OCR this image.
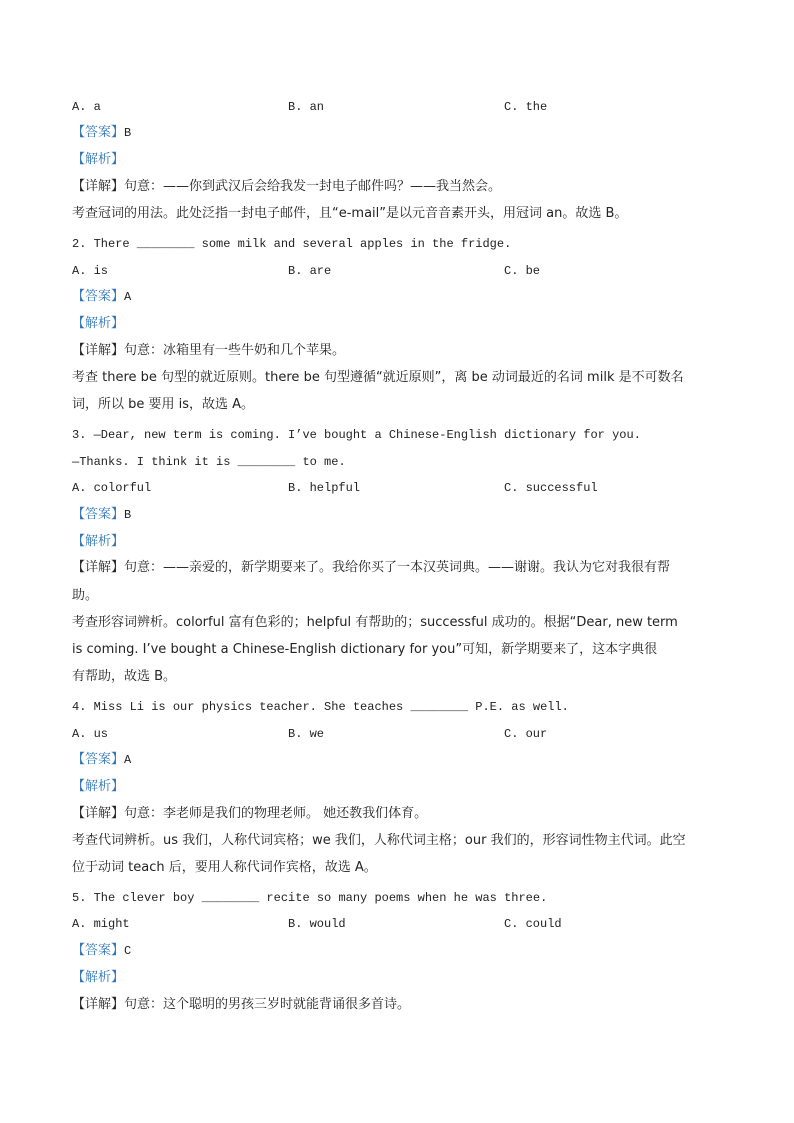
A. a	B. an	C. the
【答案】B
【解析】
【详解】句意：——你到武汉后会给我发一封电子邮件吗？——我当然会。
考查冠词的用法。此处泛指一封电子邮件，且“e-mail”是以元音音素开头，用冠词 an。故选 B。
2. There ________ some milk and several apples in the fridge.
A. is	B. are	C. be
【答案】A
【解析】
【详解】句意：冰箱里有一些牛奶和几个苹果。
考查 there be 句型的就近原则。there be 句型遵循“就近原则”，离 be 动词最近的名词 milk 是不可数名
词，所以 be 要用 is，故选 A。
3. —Dear, new term is coming. I’ve bought a Chinese-English dictionary for you.
—Thanks. I think it is ________ to me.
A. colorful	B. helpful	C. successful
【答案】B
【解析】
【详解】句意：——亲爱的，新学期要来了。我给你买了一本汉英词典。——谢谢。我认为它对我很有帮
助。
考查形容词辨析。colorful 富有色彩的；helpful 有帮助的；successful 成功的。根据“Dear, new term
is coming. I’ve bought a Chinese-English dictionary for you”可知，新学期要来了，这本字典很
有帮助，故选 B。
4. Miss Li is our physics teacher. She teaches ________ P.E. as well.
A. us	B. we	C. our
【答案】A
【解析】
【详解】句意：李老师是我们的物理老师。 她还教我们体育。
考查代词辨析。us 我们，人称代词宾格；we 我们，人称代词主格；our 我们的，形容词性物主代词。此空
位于动词 teach 后，要用人称代词作宾格，故选 A。
5. The clever boy ________ recite so many poems when he was three.
A. might	B. would	C. could
【答案】C
【解析】
【详解】句意：这个聪明的男孩三岁时就能背诵很多首诗。
